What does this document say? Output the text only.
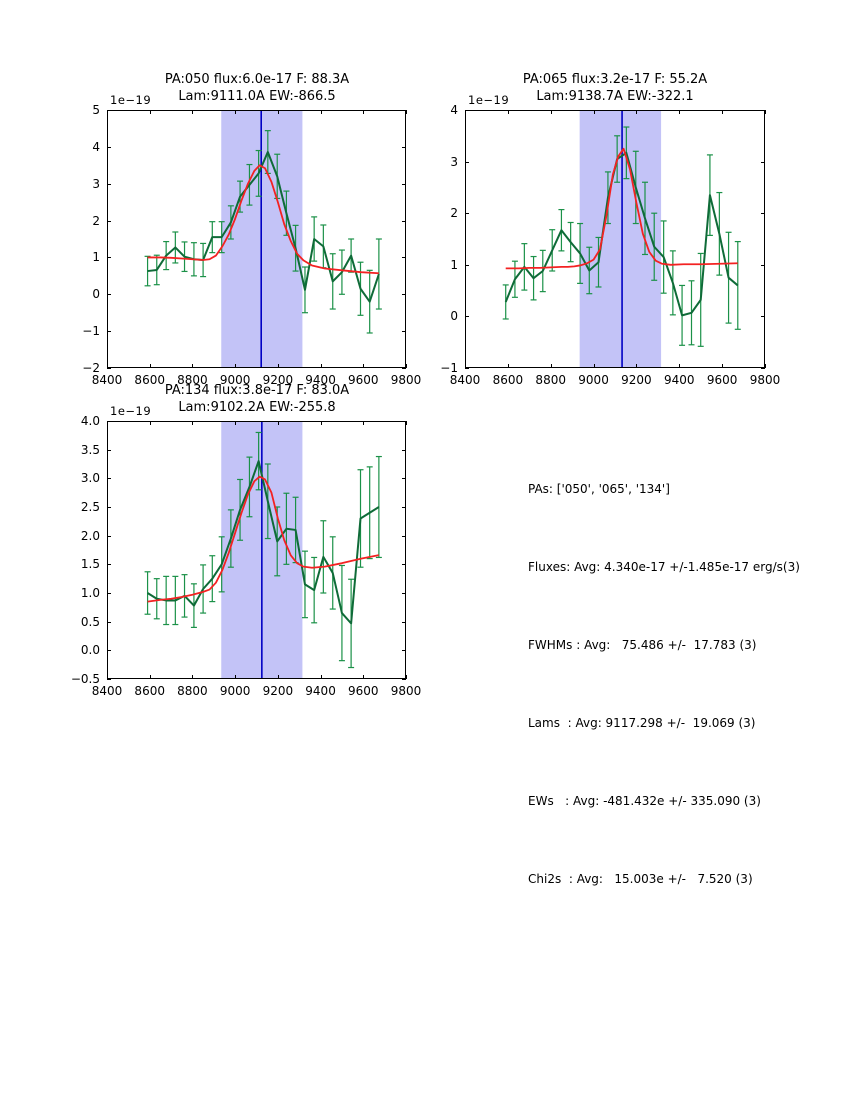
PA:050 flux:6.0e-17 F: 88.3A
Lam:9111.0A EW:-866.5
PA:065 flux:3.2e-17 F: 55.2A
Lam:9138.7A EW:-322.1
PA:134 flux:3.8e-17 F: 83.0A
Lam:9102.2A EW:-255.8
1e−19	1e−19
1e−19
8400 8600 8800 9000 9200 9400 9600 9800
5
4
3
2
1
0
−1
−2
8400 8600 8800 9000 9200 9400 9600 9800
4
3
2
1
0
−1
8400 8600 8800 9000 9200 9400 9600 9800
4.0
3.5
3.0
2.5
2.0
1.5
1.0
0.5
0.0
−0.5

PAs: ['050', '065', '134']

Fluxes: Avg: 4.340e-17 +/-1.485e-17 erg/s(3)

FWHMs : Avg:   75.486 +/-  17.783 (3)

Lams  : Avg: 9117.298 +/-  19.069 (3)

EWs   : Avg: -481.432e +/- 335.090 (3)

Chi2s  : Avg:   15.003e +/-   7.520 (3)
